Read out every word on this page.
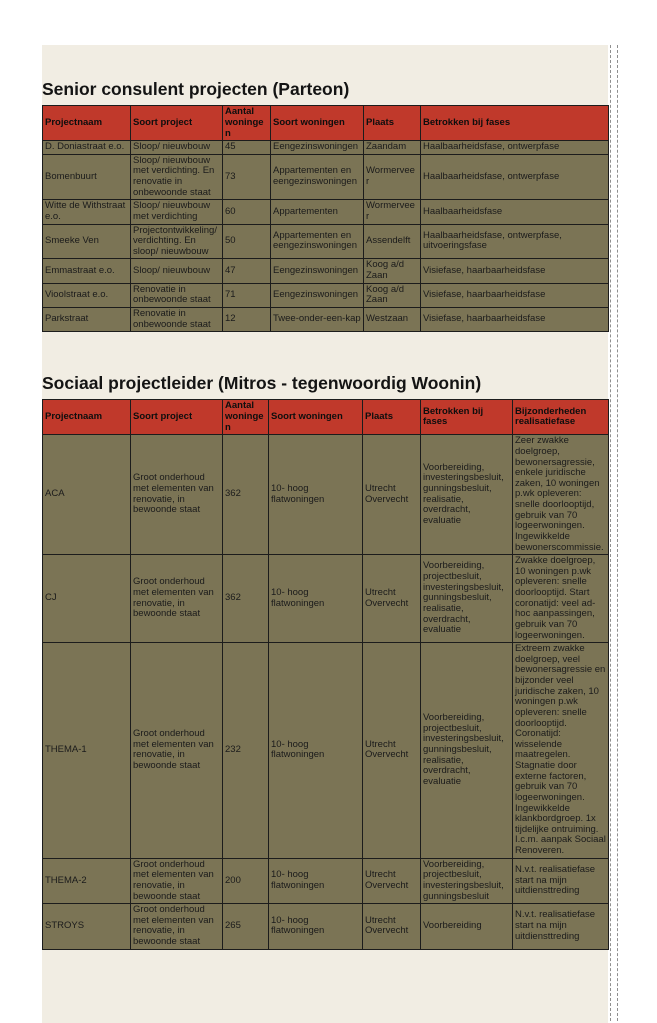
Senior consulent projecten (Parteon)
Projectnaam	Soort project	Aantal woningen	Soort woningen	Plaats	Betrokken bij fases
D. Doniastraat e.o.	Sloop/ nieuwbouw	45	Eengezinswoningen	Zaandam	Haalbaarheidsfase, ontwerpfase
Bomenbuurt	Sloop/ nieuwbouw met verdichting. En renovatie in onbewoonde staat	73	Appartementen en eengezinswoningen	Wormerveer	Haalbaarheidsfase, ontwerpfase
Witte de Withstraat e.o.	Sloop/ nieuwbouw met verdichting	60	Appartementen	Wormerveer	Haalbaarheidsfase
Smeeke Ven	Projectontwikkeling/ verdichting. En sloop/ nieuwbouw	50	Appartementen en eengezinswoningen	Assendelft	Haalbaarheidsfase, ontwerpfase, uitvoeringsfase
Emmastraat e.o.	Sloop/ nieuwbouw	47	Eengezinswoningen	Koog a/d Zaan	Visiefase, haarbaarheidsfase
Vioolstraat e.o.	Renovatie in onbewoonde staat	71	Eengezinswoningen	Koog a/d Zaan	Visiefase, haarbaarheidsfase
Parkstraat	Renovatie in onbewoonde staat	12	Twee-onder-een-kap	Westzaan	Visiefase, haarbaarheidsfase
Sociaal projectleider (Mitros - tegenwoordig Woonin)
Projectnaam	Soort project	Aantal woningen	Soort woningen	Plaats	Betrokken bij fases	Bijzonderheden realisatiefase
ACA	Groot onderhoud met elementen van renovatie, in bewoonde staat	362	10- hoog flatwoningen	Utrecht Overvecht	Voorbereiding, investeringsbesluit, gunningsbesluit, realisatie, overdracht, evaluatie	Zeer zwakke doelgroep, bewonersagressie, enkele juridische zaken, 10 woningen p.wk opleveren: snelle doorlooptijd, gebruik van 70 logeerwoningen. Ingewikkelde bewonerscommissie.
CJ	Groot onderhoud met elementen van renovatie, in bewoonde staat	362	10- hoog flatwoningen	Utrecht Overvecht	Voorbereiding, projectbesluit, investeringsbesluit, gunningsbesluit, realisatie, overdracht, evaluatie	Zwakke doelgroep, 10 woningen p.wk opleveren: snelle doorlooptijd. Start coronatijd: veel ad-hoc aanpassingen, gebruik van 70 logeerwoningen.
THEMA-1	Groot onderhoud met elementen van renovatie, in bewoonde staat	232	10- hoog flatwoningen	Utrecht Overvecht	Voorbereiding, projectbesluit, investeringsbesluit, gunningsbesluit, realisatie, overdracht, evaluatie	Extreem zwakke doelgroep, veel bewonersagressie en bijzonder veel juridische zaken, 10 woningen p.wk opleveren: snelle doorlooptijd. Coronatijd: wisselende maatregelen. Stagnatie door externe factoren, gebruik van 70 logeerwoningen. Ingewikkelde klankbordgroep. 1x tijdelijke ontruiming. I.c.m. aanpak Sociaal Renoveren.
THEMA-2	Groot onderhoud met elementen van renovatie, in bewoonde staat	200	10- hoog flatwoningen	Utrecht Overvecht	Voorbereiding, projectbesluit, investeringsbesluit, gunningsbesluit	N.v.t. realisatiefase start na mijn uitdiensttreding
STROYS	Groot onderhoud met elementen van renovatie, in bewoonde staat	265	10- hoog flatwoningen	Utrecht Overvecht	Voorbereiding	N.v.t. realisatiefase start na mijn uitdiensttreding
